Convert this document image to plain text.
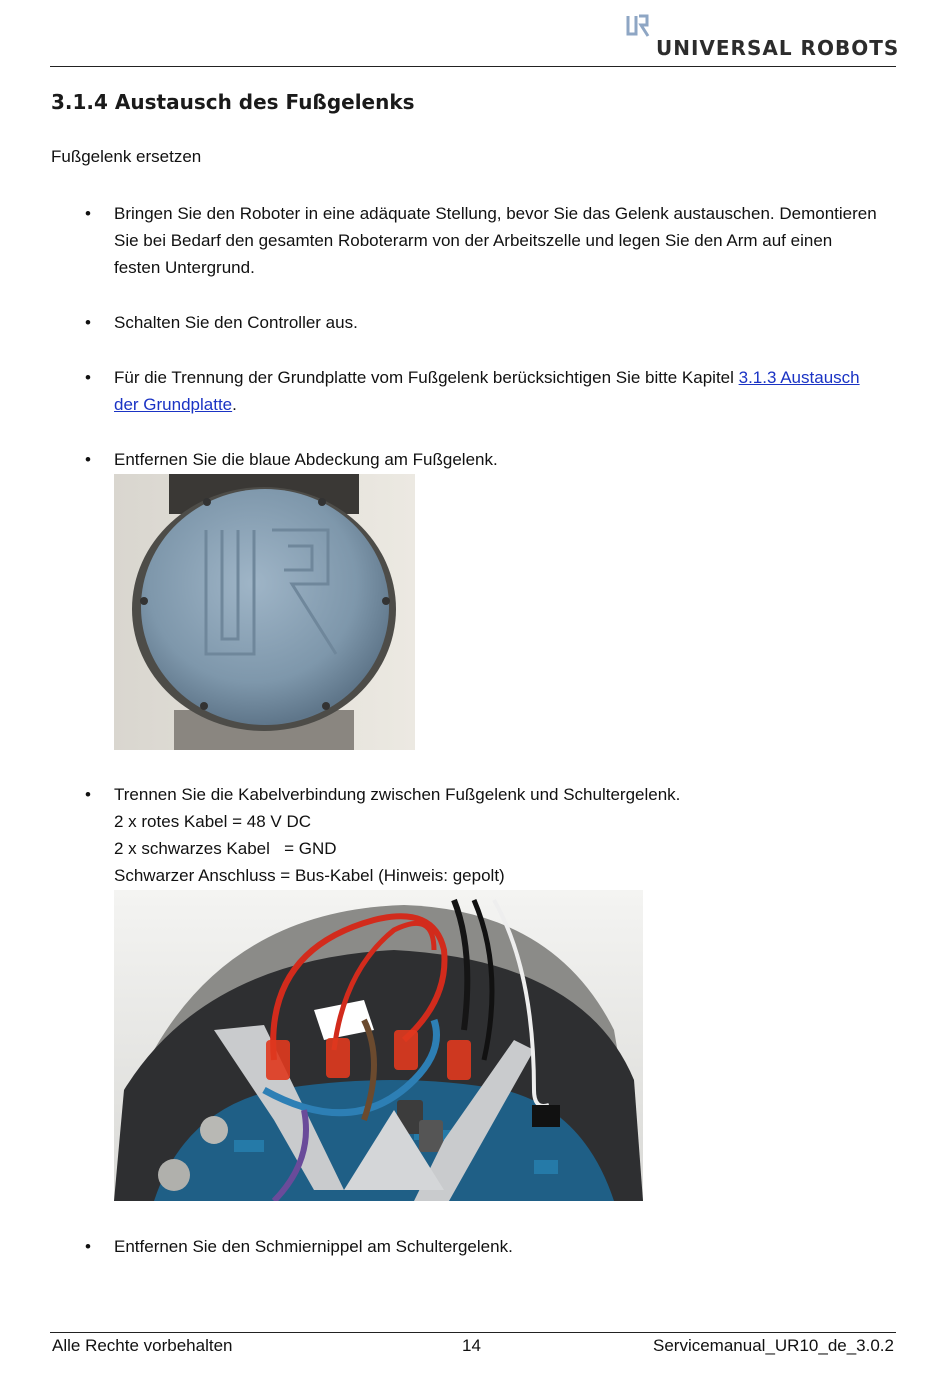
UNIVERSAL ROBOTS
3.1.4 Austausch des Fußgelenks
Fußgelenk ersetzen
• Bringen Sie den Roboter in eine adäquate Stellung, bevor Sie das Gelenk austauschen. Demontieren
Sie bei Bedarf den gesamten Roboterarm von der Arbeitszelle und legen Sie den Arm auf einen
festen Untergrund.
• Schalten Sie den Controller aus.
• Für die Trennung der Grundplatte vom Fußgelenk berücksichtigen Sie bitte Kapitel 3.1.3 Austausch
der Grundplatte.
• Entfernen Sie die blaue Abdeckung am Fußgelenk.
• Trennen Sie die Kabelverbindung zwischen Fußgelenk und Schultergelenk.
2 x rotes Kabel = 48 V DC
2 x schwarzes Kabel   = GND
Schwarzer Anschluss = Bus-Kabel (Hinweis: gepolt)
• Entfernen Sie den Schmiernippel am Schultergelenk.
Alle Rechte vorbehalten	14	Servicemanual_UR10_de_3.0.2
